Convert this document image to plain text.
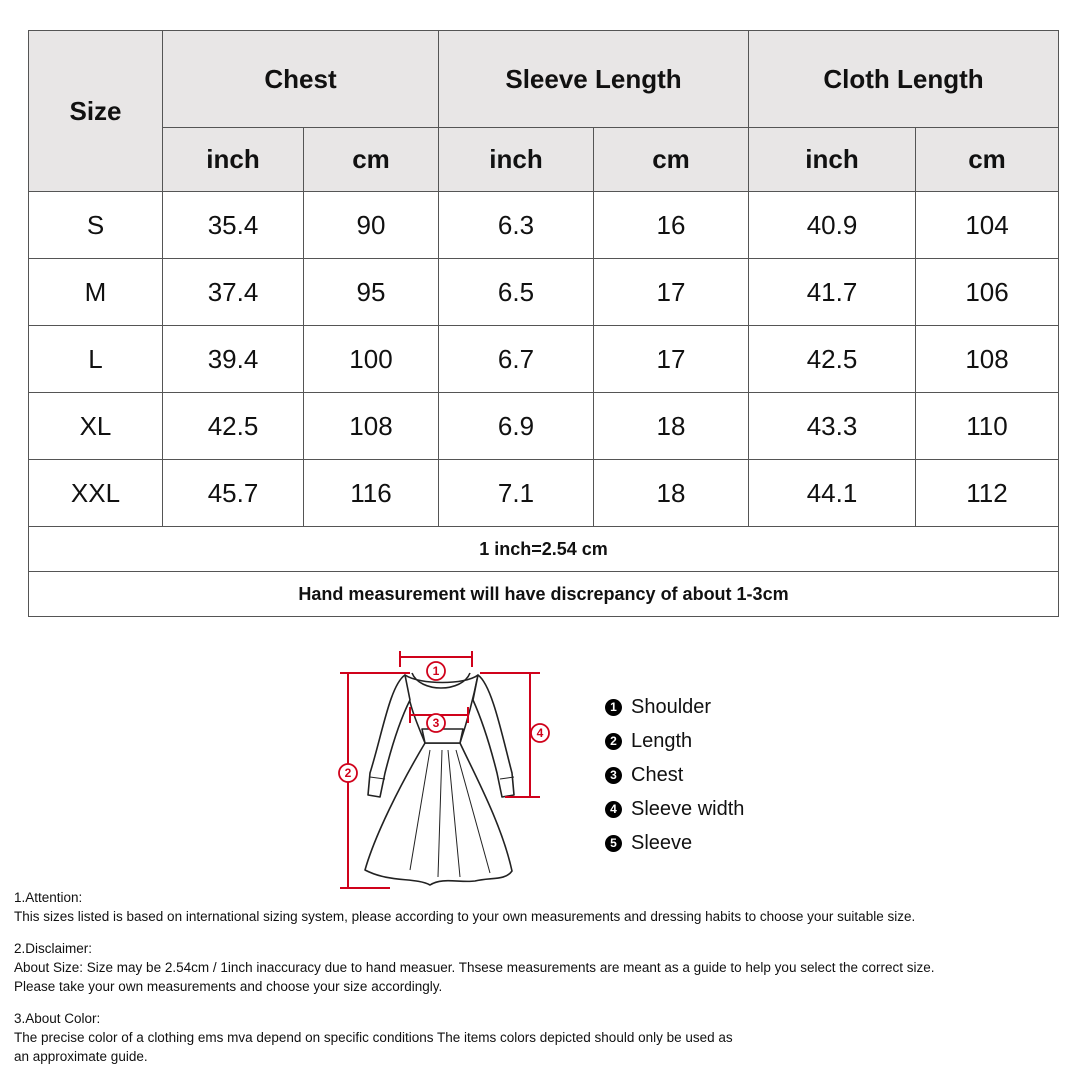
Size	Chest		Sleeve Length		Cloth Length	
	inch	cm	inch	cm	inch	cm
S	35.4	90	6.3	16	40.9	104
M	37.4	95	6.5	17	41.7	106
L	39.4	100	6.7	17	42.5	108
XL	42.5	108	6.9	18	43.3	110
XXL	45.7	116	7.1	18	44.1	112
1 inch=2.54 cm						
Hand measurement will have discrepancy of about 1-3cm						
1
3
4
2
1 Shoulder
2 Length
3 Chest
4 Sleeve width
5 Sleeve

1.Attention:

This sizes listed is based on international sizing system, please according to your own measurements and dressing habits to choose your suitable size.

2.Disclaimer:

About Size: Size may be 2.54cm / 1inch inaccuracy due to hand measuer. Thsese measurements are meant as a guide to help you select the correct size.

Please take your own measurements and choose your size accordingly.

3.About Color:

The precise color of a clothing ems mva depend on specific conditions The items colors depicted should only be used as

an approximate guide.
